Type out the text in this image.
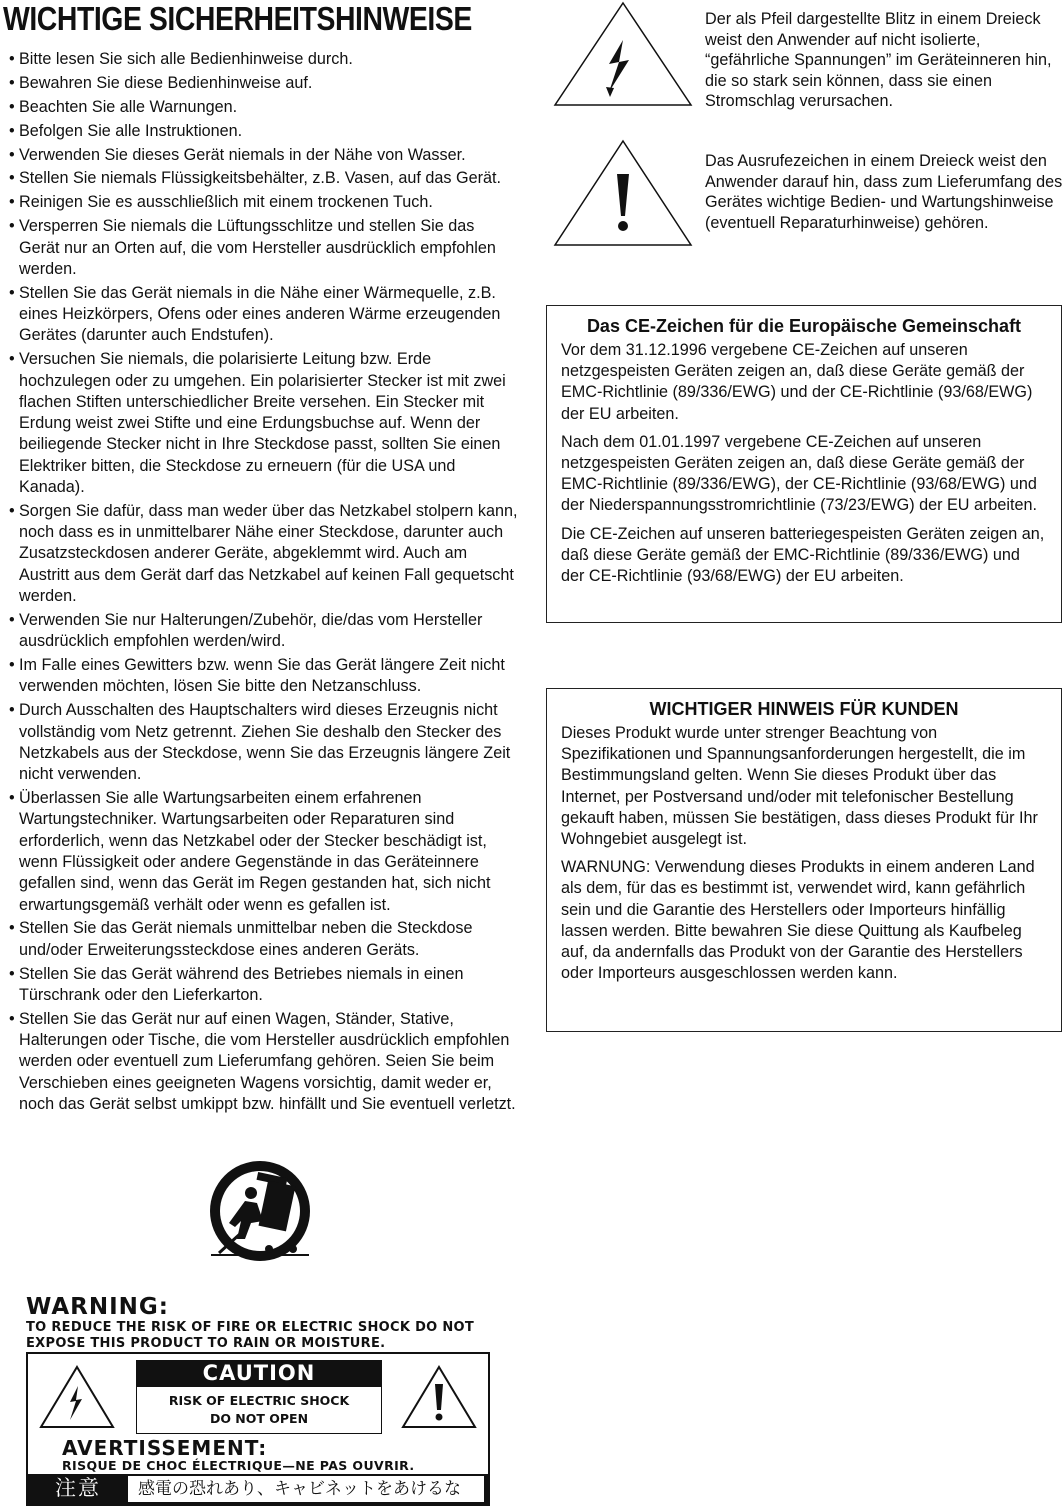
WICHTIGE SICHERHEITSHINWEISE
• Bitte lesen Sie sich alle Bedienhinweise durch.
• Bewahren Sie diese Bedienhinweise auf.
• Beachten Sie alle Warnungen.
• Befolgen Sie alle Instruktionen.
• Verwenden Sie dieses Gerät niemals in der Nähe von Wasser.
• Stellen Sie niemals Flüssigkeitsbehälter, z.B. Vasen, auf das Gerät.
• Reinigen Sie es ausschließlich mit einem trockenen Tuch.
• Versperren Sie niemals die Lüftungsschlitze und stellen Sie das Gerät nur an Orten auf, die vom Hersteller ausdrücklich empfohlen werden.
• Stellen Sie das Gerät niemals in die Nähe einer Wärmequelle, z.B. eines Heizkörpers, Ofens oder eines anderen Wärme erzeugenden Gerätes (darunter auch Endstufen).
• Versuchen Sie niemals, die polarisierte Leitung bzw. Erde hochzulegen oder zu umgehen. Ein polarisierter Stecker ist mit zwei flachen Stiften unterschiedlicher Breite versehen. Ein Stecker mit Erdung weist zwei Stifte und eine Erdungsbuchse auf. Wenn der beiliegende Stecker nicht in Ihre Steckdose passt, sollten Sie einen Elektriker bitten, die Steckdose zu erneuern (für die USA und Kanada).
• Sorgen Sie dafür, dass man weder über das Netzkabel stolpern kann, noch dass es in unmittelbarer Nähe einer Steckdose, darunter auch Zusatzsteckdosen anderer Geräte, abgeklemmt wird. Auch am Austritt aus dem Gerät darf das Netzkabel auf keinen Fall gequetscht werden.
• Verwenden Sie nur Halterungen/Zubehör, die/das vom Hersteller ausdrücklich empfohlen werden/wird.
• Im Falle eines Gewitters bzw. wenn Sie das Gerät längere Zeit nicht verwenden möchten, lösen Sie bitte den Netzanschluss.
• Durch Ausschalten des Hauptschalters wird dieses Erzeugnis nicht vollständig vom Netz getrennt. Ziehen Sie deshalb den Stecker des Netzkabels aus der Steckdose, wenn Sie das Erzeugnis längere Zeit nicht verwenden.
• Überlassen Sie alle Wartungsarbeiten einem erfahrenen Wartungstechniker. Wartungsarbeiten oder Reparaturen sind erforderlich, wenn das Netzkabel oder der Stecker beschädigt ist, wenn Flüssigkeit oder andere Gegenstände in das Geräteinnere gefallen sind, wenn das Gerät im Regen gestanden hat, sich nicht erwartungsgemäß verhält oder wenn es gefallen ist.
• Stellen Sie das Gerät niemals unmittelbar neben die Steckdose und/oder Erweiterungssteckdose eines anderen Geräts.
• Stellen Sie das Gerät während des Betriebes niemals in einen Türschrank oder den Lieferkarton.
• Stellen Sie das Gerät nur auf einen Wagen, Ständer, Stative, Halterungen oder Tische, die vom Hersteller ausdrücklich empfohlen werden oder eventuell zum Lieferumfang gehören. Seien Sie beim Verschieben eines geeigneten Wagens vorsichtig, damit weder er, noch das Gerät selbst umkippt bzw. hinfällt und Sie eventuell verletzt.
Der als Pfeil dargestellte Blitz in einem Dreieck weist den Anwender auf nicht isolierte, “gefährliche Spannungen” im Geräteinneren hin, die so stark sein können, dass sie einen Stromschlag verursachen.
Das Ausrufezeichen in einem Dreieck weist den Anwender darauf hin, dass zum Lieferumfang des Gerätes wichtige Bedien- und Wartungshinweise (eventuell Reparaturhinweise) gehören.
Das CE-Zeichen für die Europäische Gemeinschaft

Vor dem 31.12.1996 vergebene CE-Zeichen auf unseren netzgespeisten Geräten zeigen an, daß diese Geräte gemäß der EMC-Richtlinie (89/336/EWG) und der CE-Richtlinie (93/68/EWG) der EU arbeiten.

Nach dem 01.01.1997 vergebene CE-Zeichen auf unseren netzgespeisten Geräten zeigen an, daß diese Geräte gemäß der EMC-Richtlinie (89/336/EWG), der CE-Richtlinie (93/68/EWG) und der Niederspannungsstromrichtlinie (73/23/EWG) der EU arbeiten.

Die CE-Zeichen auf unseren batteriegespeisten Geräten zeigen an, daß diese Geräte gemäß der EMC-Richtlinie (89/336/EWG) und der CE-Richtlinie (93/68/EWG) der EU arbeiten.

WICHTIGER HINWEIS FÜR KUNDEN

Dieses Produkt wurde unter strenger Beachtung von Spezifikationen und Spannungsanforderungen hergestellt, die im Bestimmungsland gelten. Wenn Sie dieses Produkt über das Internet, per Postversand und/oder mit telefonischer Bestellung gekauft haben, müssen Sie bestätigen, dass dieses Produkt für Ihr Wohngebiet ausgelegt ist.

WARNUNG: Verwendung dieses Produkts in einem anderen Land als dem, für das es bestimmt ist, verwendet wird, kann gefährlich sein und die Garantie des Herstellers oder Importeurs hinfällig lassen werden. Bitte bewahren Sie diese Quittung als Kaufbeleg auf, da andernfalls das Produkt von der Garantie des Herstellers oder Importeurs ausgeschlossen werden kann.

WARNING:
TO REDUCE THE RISK OF FIRE OR ELECTRIC SHOCK DO NOT
EXPOSE THIS PRODUCT TO RAIN OR MOISTURE.
CAUTION
RISK OF ELECTRIC SHOCK
DO NOT OPEN
AVERTISSEMENT:
RISQUE DE CHOC ÉLECTRIQUE—NE PAS OUVRIR.
注意	感電の恐れあり、キャビネットをあけるな
